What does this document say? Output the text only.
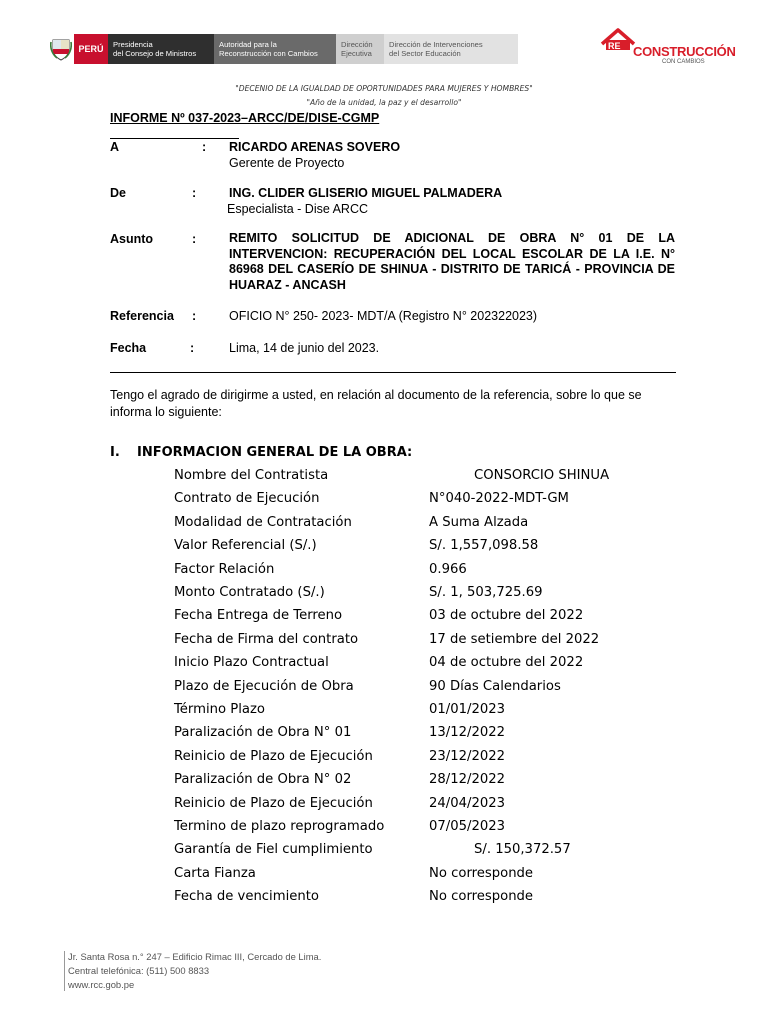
PERÚ	Presidencia
del Consejo de Ministros
Autoridad para la
Reconstrucción con Cambios
Dirección
Ejecutiva
Dirección de Intervenciones
del Sector Educación
RE CONSTRUCCIÓN
CON CAMBIOS
"DECENIO DE LA IGUALDAD DE OPORTUNIDADES PARA MUJERES Y HOMBRES"
"Año de la unidad, la paz y el desarrollo"
INFORME Nº 037-2023–ARCC/DE/DISE-CGMP
A	: RICARDO ARENAS SOVERO
Gerente de Proyecto
De	:	ING. CLIDER GLISERIO MIGUEL PALMADERA
Especialista - Dise ARCC
Asunto	:	REMITO SOLICITUD DE ADICIONAL DE OBRA N° 01 DE LA INTERVENCION: RECUPERACIÓN DEL LOCAL ESCOLAR DE LA I.E. N° 86968 DEL CASERÍO DE SHINUA - DISTRITO DE TARICÁ - PROVINCIA DE HUARAZ - ANCASH
Referencia :	OFICIO N° 250- 2023- MDT/A (Registro N° 202322023)
Fecha	:	Lima, 14 de junio del 2023.
Tengo el agrado de dirigirme a usted, en relación al documento de la referencia, sobre lo que se informa lo siguiente:
I. INFORMACION GENERAL DE LA OBRA:
Nombre del Contratista	CONSORCIO SHINUA
Contrato de Ejecución	N°040-2022-MDT-GM
Modalidad de Contratación	A Suma Alzada
Valor Referencial (S/.)	S/. 1,557,098.58
Factor Relación	0.966
Monto Contratado (S/.)	S/. 1, 503,725.69
Fecha Entrega de Terreno	03 de octubre del 2022
Fecha de Firma del contrato	17 de setiembre del 2022
Inicio Plazo Contractual	04 de octubre del 2022
Plazo de Ejecución de Obra	90 Días Calendarios
Término Plazo	01/01/2023
Paralización de Obra N° 01	13/12/2022
Reinicio de Plazo de Ejecución	23/12/2022
Paralización de Obra N° 02	28/12/2022
Reinicio de Plazo de Ejecución	24/04/2023
Termino de plazo reprogramado	07/05/2023
Garantía de Fiel cumplimiento	S/. 150,372.57
Carta Fianza	No corresponde
Fecha de vencimiento	No corresponde
Jr. Santa Rosa n.° 247 – Edificio Rimac III, Cercado de Lima.
Central telefónica: (511) 500 8833
www.rcc.gob.pe
